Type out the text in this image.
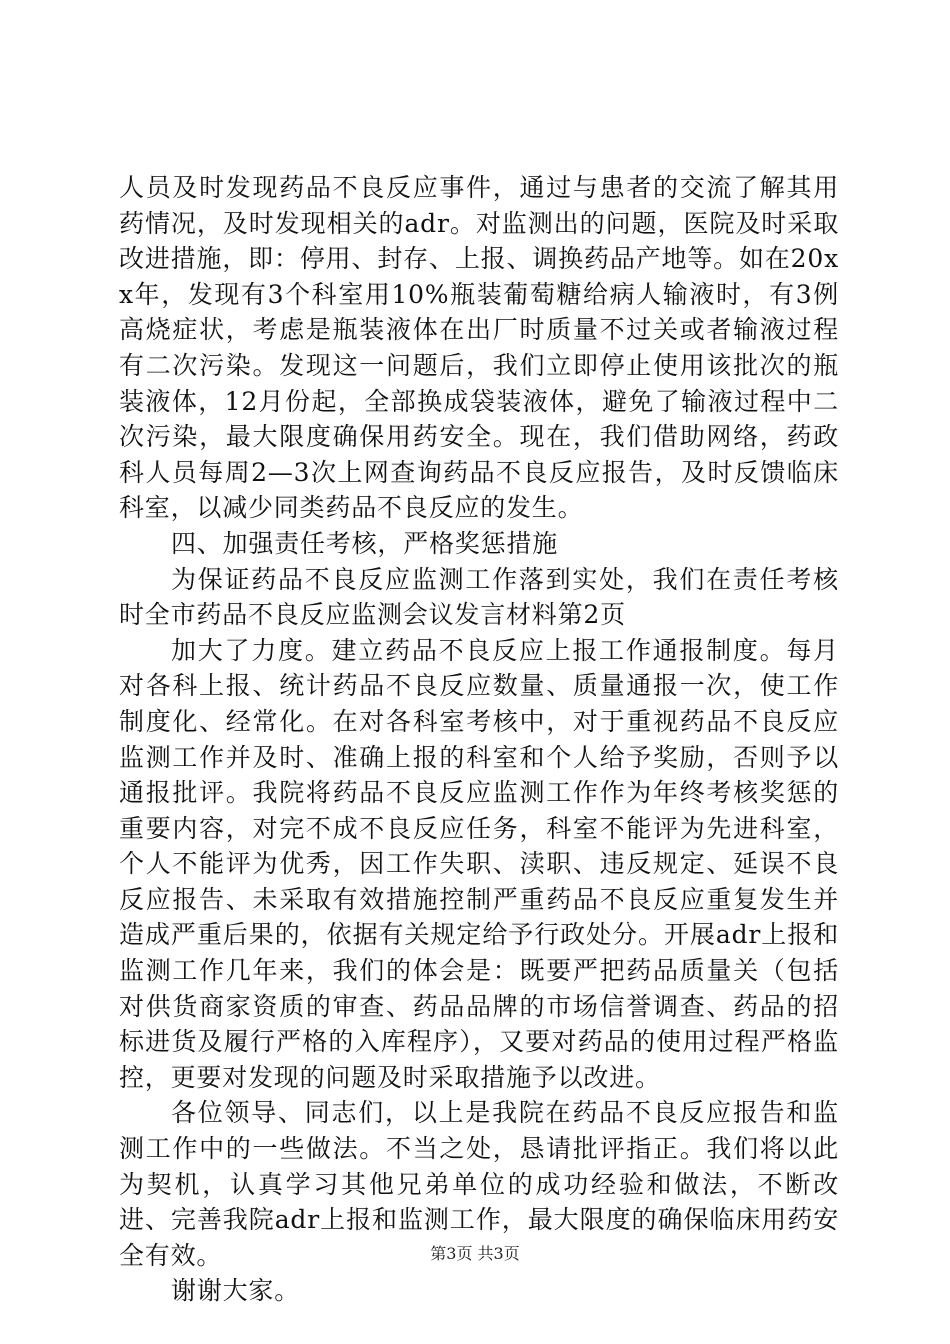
人员及时发现药品不良反应事件，通过与患者的交流了解其用药情况，及时发现相关的adr。对监测出的问题，医院及时采取改进措施，即：停用、封存、上报、调换药品产地等。如在20xx年，发现有3个科室用10%瓶装葡萄糖给病人输液时，有3例高烧症状，考虑是瓶装液体在出厂时质量不过关或者输液过程有二次污染。发现这一问题后，我们立即停止使用该批次的瓶装液体，12月份起，全部换成袋装液体，避免了输液过程中二次污染，最大限度确保用药安全。现在，我们借助网络，药政科人员每周2—3次上网查询药品不良反应报告，及时反馈临床科室，以减少同类药品不良反应的发生。

四、加强责任考核，严格奖惩措施

为保证药品不良反应监测工作落到实处，我们在责任考核时全市药品不良反应监测会议发言材料第2页

加大了力度。建立药品不良反应上报工作通报制度。每月对各科上报、统计药品不良反应数量、质量通报一次，使工作制度化、经常化。在对各科室考核中，对于重视药品不良反应监测工作并及时、准确上报的科室和个人给予奖励，否则予以通报批评。我院将药品不良反应监测工作作为年终考核奖惩的重要内容，对完不成不良反应任务，科室不能评为先进科室，个人不能评为优秀，因工作失职、渎职、违反规定、延误不良反应报告、未采取有效措施控制严重药品不良反应重复发生并造成严重后果的，依据有关规定给予行政处分。开展adr上报和监测工作几年来，我们的体会是：既要严把药品质量关（包括对供货商家资质的审查、药品品牌的市场信誉调查、药品的招标进货及履行严格的入库程序），又要对药品的使用过程严格监控，更要对发现的问题及时采取措施予以改进。

各位领导、同志们，以上是我院在药品不良反应报告和监测工作中的一些做法。不当之处，恳请批评指正。我们将以此为契机，认真学习其他兄弟单位的成功经验和做法，不断改进、完善我院adr上报和监测工作，最大限度的确保临床用药安全有效。

谢谢大家。

第3页 共3页
